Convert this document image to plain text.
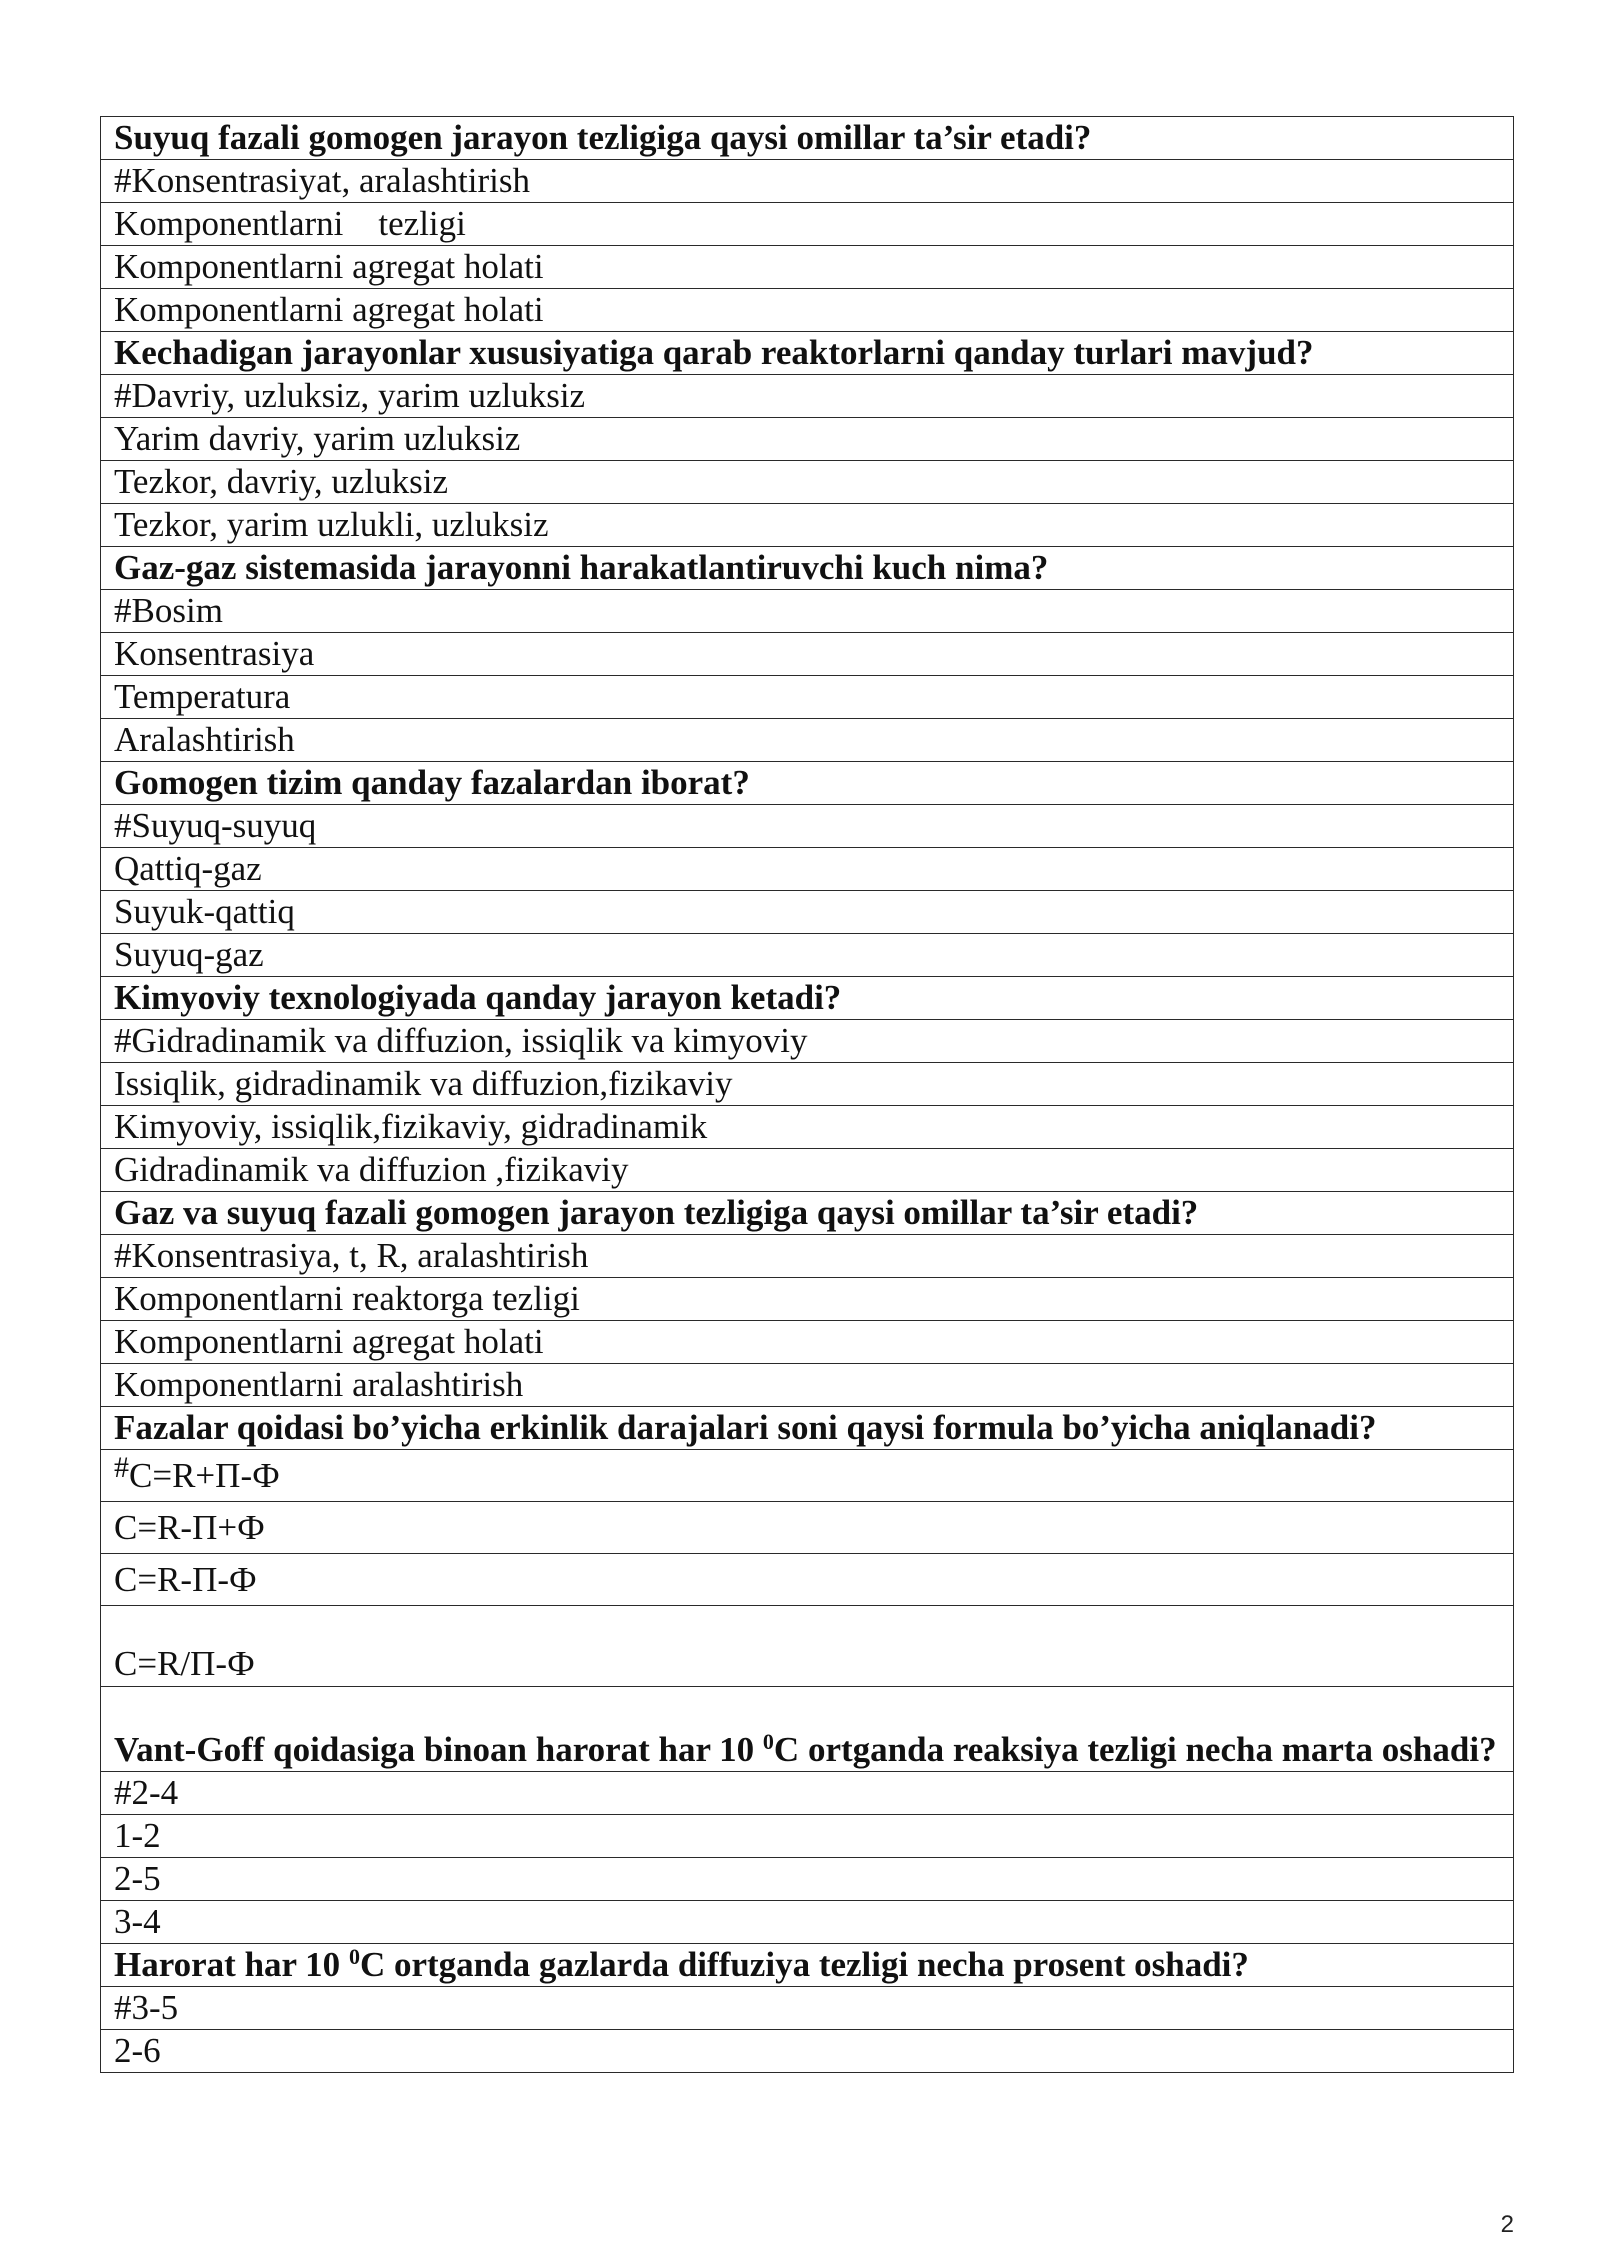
Suyuq fazali gomogen jarayon tezligiga qaysi omillar ta’sir etadi?
#Konsentrasiyat, aralashtirish
Komponentlarni    tezligi
Komponentlarni agregat holati
Komponentlarni agregat holati
Kechadigan jarayonlar xususiyatiga qarab reaktorlarni qanday turlari mavjud?
#Davriy, uzluksiz, yarim uzluksiz
Yarim davriy, yarim uzluksiz
Tezkor, davriy, uzluksiz
Tezkor, yarim uzlukli, uzluksiz
Gaz-gaz sistemasida jarayonni harakatlantiruvchi kuch nima?
#Bosim
Konsentrasiya
Temperatura
Aralashtirish
Gomogen tizim qanday fazalardan iborat?
#Suyuq-suyuq
Qattiq-gaz
Suyuk-qattiq
Suyuq-gaz
Kimyoviy texnologiyada qanday jarayon ketadi?
#Gidradinamik va diffuzion, issiqlik va kimyoviy
Issiqlik, gidradinamik va diffuzion,fizikaviy
Kimyoviy, issiqlik,fizikaviy, gidradinamik
Gidradinamik va diffuzion ,fizikaviy
Gaz va suyuq fazali gomogen jarayon tezligiga qaysi omillar ta’sir etadi?
#Konsentrasiya, t, R, aralashtirish
Komponentlarni reaktorga tezligi
Komponentlarni agregat holati
Komponentlarni aralashtirish
Fazalar qoidasi bo’yicha erkinlik darajalari soni qaysi formula bo’yicha aniqlanadi?
#C=R+П-Ф
C=R-П+Ф
C=R-П-Ф
C=R/П-Ф
Vant-Goff qoidasiga binoan harorat har 10 $^0$C ortganda reaksiya tezligi necha marta oshadi?
#2-4
1-2
2-5
3-4
Harorat har 10 $^0$C ortganda gazlarda diffuziya tezligi necha prosent oshadi?
#3-5
2-6
2
